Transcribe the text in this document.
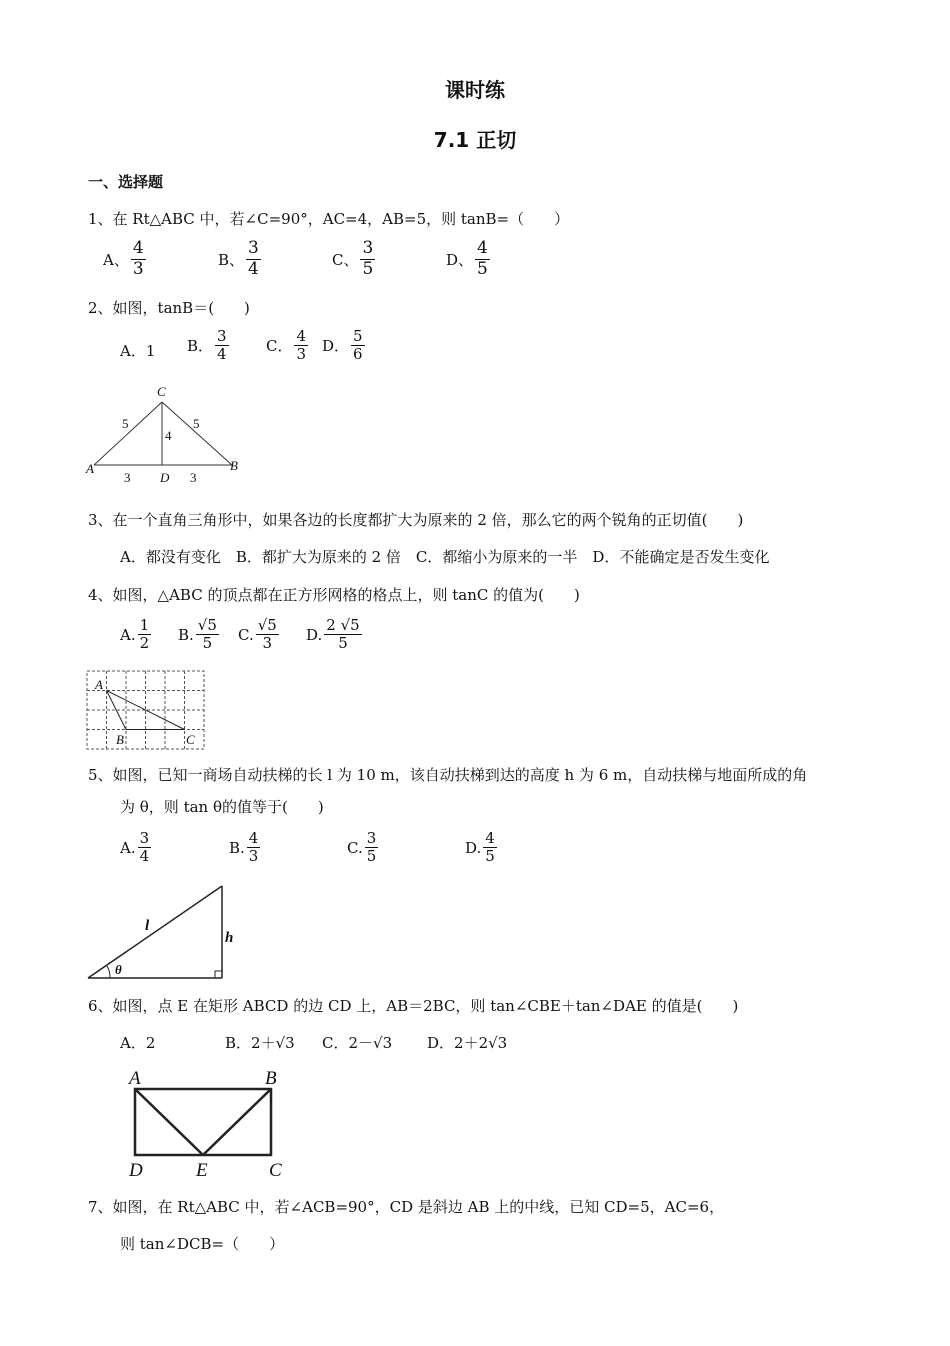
课时练
7.1 正切
一、选择题
1、在 Rt△ABC 中，若∠C=90°，AC=4，AB=5，则 tanB=（　　）
A、 $\frac{4}{3}$	B、 $\frac{3}{4}$	C、 $\frac{3}{5}$	D、 $\frac{4}{5}$
2、如图，tanB＝(　　)
A．1 B． $\frac{3}{4}$ C． $\frac{4}{3}$ D． $\frac{5}{6}$
C
A	B
D
5	5
4
3	3
3、在一个直角三角形中，如果各边的长度都扩大为原来的 2 倍，那么它的两个锐角的正切值(　　)
A．都没有变化　B．都扩大为原来的 2 倍　C．都缩小为原来的一半　D．不能确定是否发生变化
4、如图，△ABC 的顶点都在正方形网格的格点上，则 tanC 的值为(　　)
A. $\frac{1}{2} B$. $\frac{√5}{5} C$. $\frac{√5}{3} D$. $\frac{2 √5}{5}$
A
B	C
5、如图，已知一商场自动扶梯的长 l 为 10 m，该自动扶梯到达的高度 h 为 6 m，自动扶梯与地面所成的角
为 θ，则 tan θ的值等于(　　)
A. $\frac{3}{4}$	B. $\frac{4}{3}$	C. $\frac{3}{5}$	D. $\frac{4}{5}$
l
h
θ
6、如图，点 E 在矩形 ABCD 的边 CD 上，AB＝2BC，则 tan∠CBE＋tan∠DAE 的值是(　　)
A．2	B．2＋√3 C．2－√3 D．2＋2√3
A	B
D	E	C
7、如图，在 Rt△ABC 中，若∠ACB=90°，CD 是斜边 AB 上的中线，已知 CD=5，AC=6，
则 tan∠DCB=（　　）
